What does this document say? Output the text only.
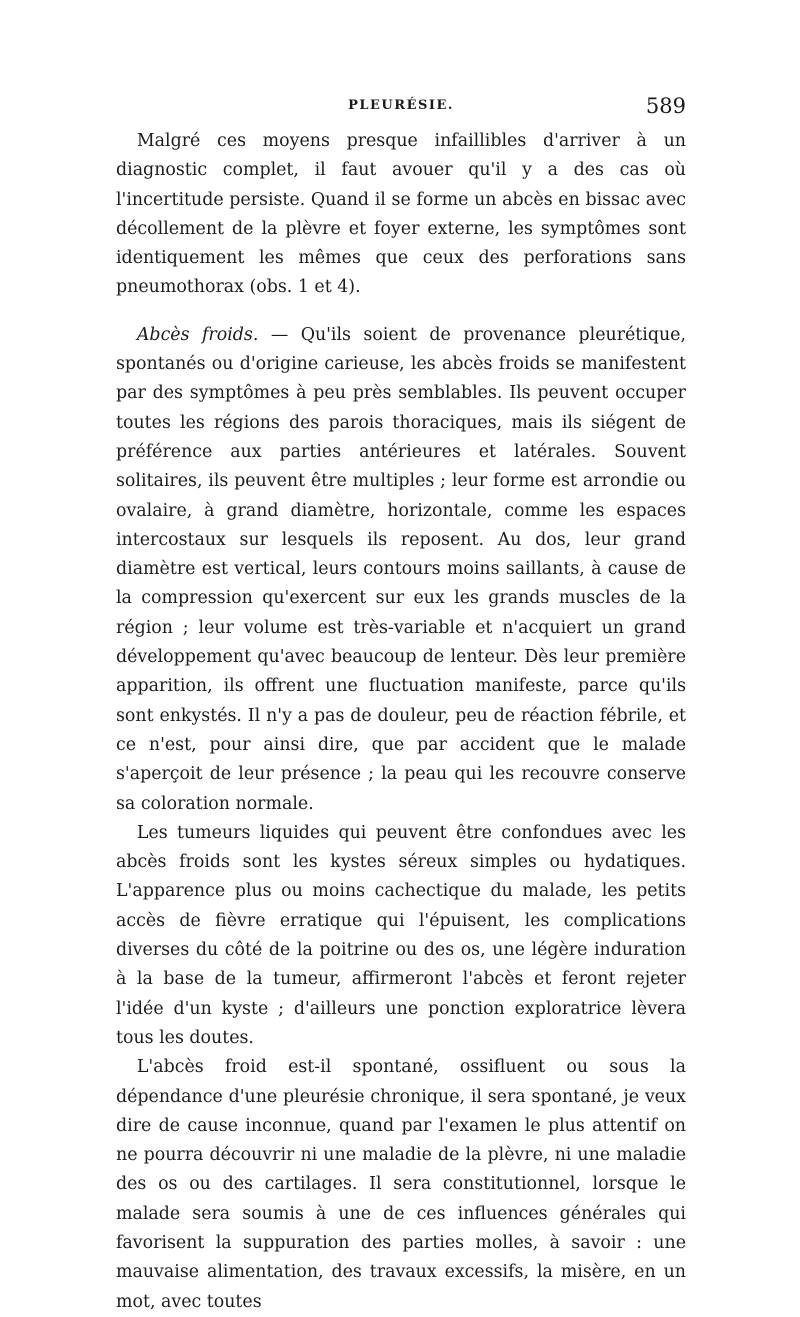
PLEURÉSIE.	589

Malgré ces moyens presque infaillibles d'arriver à un diagnostic complet, il faut avouer qu'il y a des cas où l'incertitude persiste. Quand il se forme un abcès en bissac avec décollement de la plèvre et foyer externe, les symptômes sont identiquement les mêmes que ceux des perforations sans pneumothorax (obs. 1 et 4).

Abcès froids. — Qu'ils soient de provenance pleurétique, spontanés ou d'origine carieuse, les abcès froids se manifestent par des symptômes à peu près semblables. Ils peuvent occuper toutes les régions des parois thoraciques, mais ils siégent de préférence aux parties antérieures et latérales. Souvent solitaires, ils peuvent être multiples ; leur forme est arrondie ou ovalaire, à grand diamètre, horizontale, comme les espaces intercostaux sur lesquels ils reposent. Au dos, leur grand diamètre est vertical, leurs contours moins saillants, à cause de la compression qu'exercent sur eux les grands muscles de la région ; leur volume est très-variable et n'acquiert un grand développement qu'avec beaucoup de lenteur. Dès leur première apparition, ils offrent une fluctuation manifeste, parce qu'ils sont enkystés. Il n'y a pas de douleur, peu de réaction fébrile, et ce n'est, pour ainsi dire, que par accident que le malade s'aperçoit de leur présence ; la peau qui les recouvre conserve sa coloration normale.

Les tumeurs liquides qui peuvent être confondues avec les abcès froids sont les kystes séreux simples ou hydatiques. L'apparence plus ou moins cachectique du malade, les petits accès de fièvre erratique qui l'épuisent, les complications diverses du côté de la poitrine ou des os, une légère induration à la base de la tumeur, affirmeront l'abcès et feront rejeter l'idée d'un kyste ; d'ailleurs une ponction exploratrice lèvera tous les doutes.

L'abcès froid est-il spontané, ossifluent ou sous la dépendance d'une pleurésie chronique, il sera spontané, je veux dire de cause inconnue, quand par l'examen le plus attentif on ne pourra découvrir ni une maladie de la plèvre, ni une maladie des os ou des cartilages. Il sera constitutionnel, lorsque le malade sera soumis à une de ces influences générales qui favorisent la suppuration des parties molles, à savoir : une mauvaise alimentation, des travaux excessifs, la misère, en un mot, avec toutes
